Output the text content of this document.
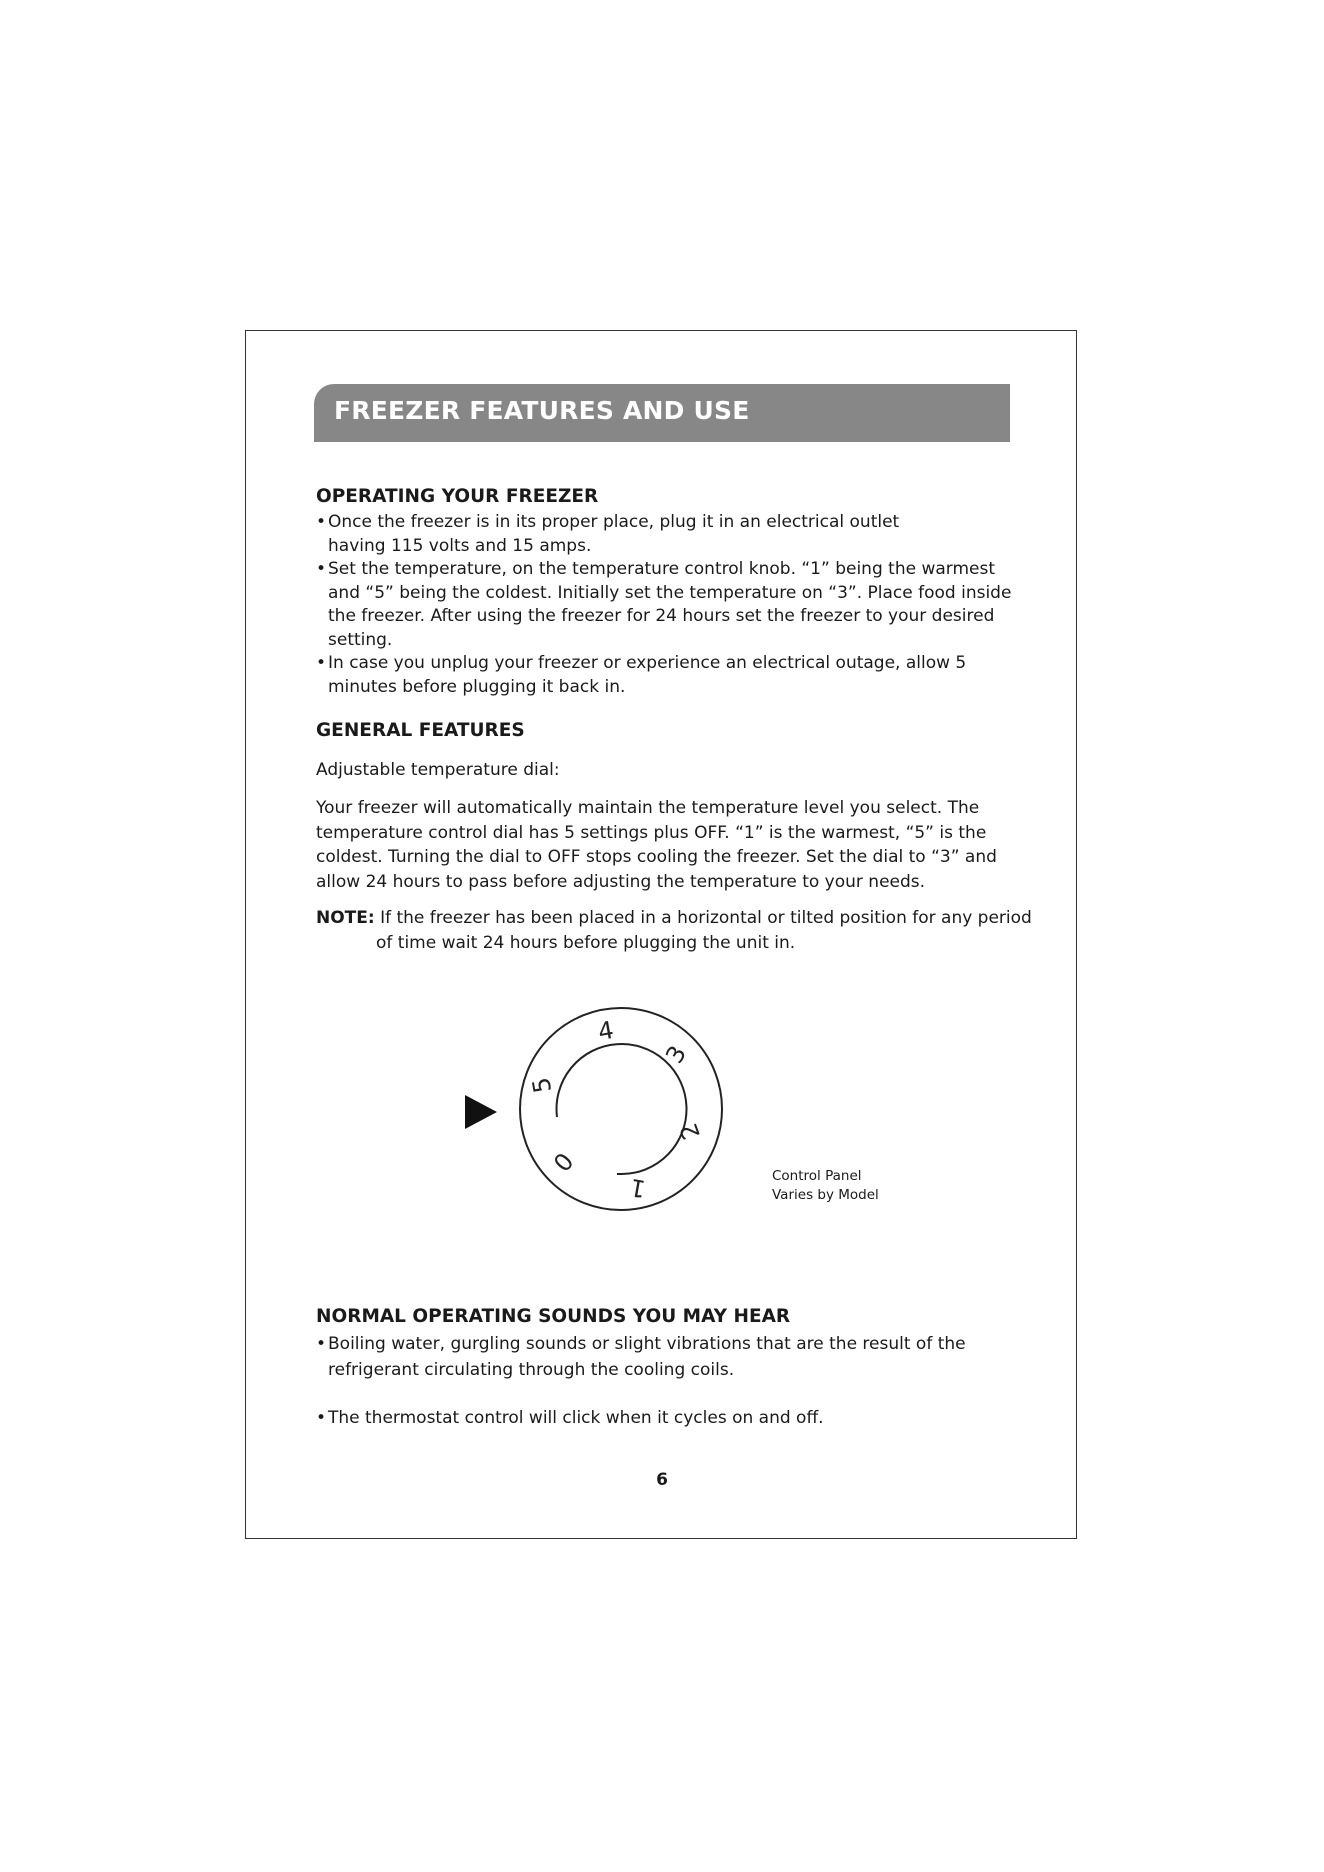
FREEZER FEATURES AND USE
OPERATING YOUR FREEZER
• Once the freezer is in its proper place, plug it in an electrical outlet
having 115 volts and 15 amps.
• Set the temperature, on the temperature control knob. “1” being the warmest
and “5” being the coldest. Initially set the temperature on “3”. Place food inside
the freezer. After using the freezer for 24 hours set the freezer to your desired
setting.
• In case you unplug your freezer or experience an electrical outage, allow 5
minutes before plugging it back in.
GENERAL FEATURES
Adjustable temperature dial:
Your freezer will automatically maintain the temperature level you select. The
temperature control dial has 5 settings plus OFF. “1” is the warmest, “5” is the
coldest. Turning the dial to OFF stops cooling the freezer. Set the dial to “3” and
allow 24 hours to pass before adjusting the temperature to your needs.
NOTE: If the freezer has been placed in a horizontal or tilted position for any period
of time wait 24 hours before plugging the unit in.
0
1
2
3
4
5
Control Panel
Varies by Model
NORMAL OPERATING SOUNDS YOU MAY HEAR
• Boiling water, gurgling sounds or slight vibrations that are the result of the
refrigerant circulating through the cooling coils.
• The thermostat control will click when it cycles on and off.
6
